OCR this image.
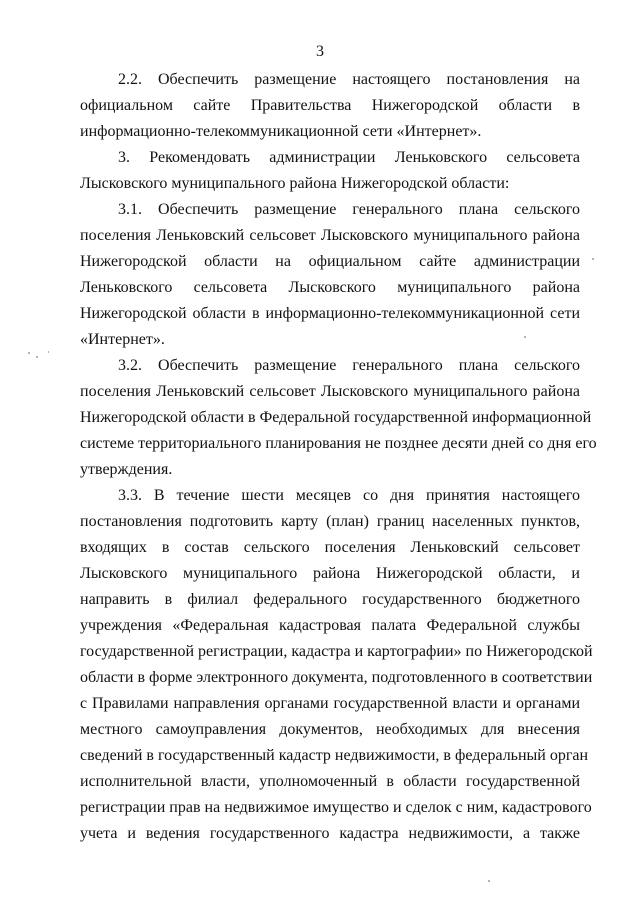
3
2.2. Обеспечить размещение настоящего постановления на
официальном сайте Правительства Нижегородской области в
информационно-телекоммуникационной сети «Интернет».
3. Рекомендовать администрации Леньковского сельсовета
Лысковского муниципального района Нижегородской области:
3.1. Обеспечить размещение генерального плана сельского
поселения Леньковский сельсовет Лысковского муниципального района
Нижегородской области на официальном сайте администрации
Леньковского сельсовета Лысковского муниципального района
Нижегородской области в информационно-телекоммуникационной сети
«Интернет».
3.2. Обеспечить размещение генерального плана сельского
поселения Леньковский сельсовет Лысковского муниципального района
Нижегородской области в Федеральной государственной информационной
системе территориального планирования не позднее десяти дней со дня его
утверждения.
3.3. В течение шести месяцев со дня принятия настоящего
постановления подготовить карту (план) границ населенных пунктов,
входящих в состав сельского поселения Леньковский сельсовет
Лысковского муниципального района Нижегородской области, и
направить в филиал федерального государственного бюджетного
учреждения «Федеральная кадастровая палата Федеральной службы
государственной регистрации, кадастра и картографии» по Нижегородской
области в форме электронного документа, подготовленного в соответствии
с Правилами направления органами государственной власти и органами
местного самоуправления документов, необходимых для внесения
сведений в государственный кадастр недвижимости, в федеральный орган
исполнительной власти, уполномоченный в области государственной
регистрации прав на недвижимое имущество и сделок с ним, кадастрового
учета и ведения государственного кадастра недвижимости, а также
